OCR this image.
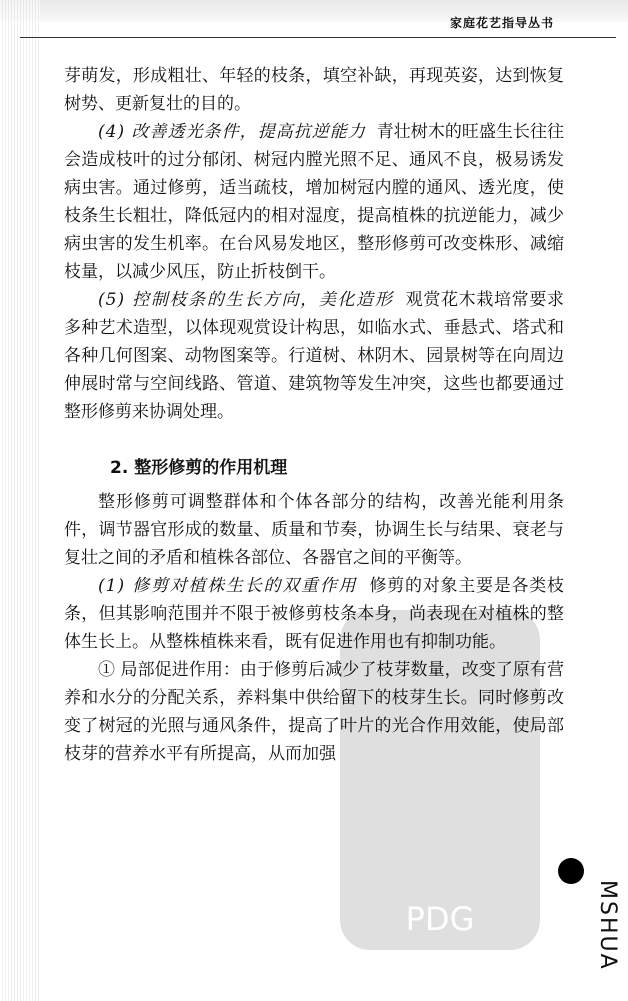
家庭花艺指导丛书

芽萌发，形成粗壮、年轻的枝条，填空补缺，再现英姿，达到恢复树势、更新复壮的目的。

(4) 改善透光条件，提高抗逆能力 青壮树木的旺盛生长往往会造成枝叶的过分郁闭、树冠内膛光照不足、通风不良，极易诱发病虫害。通过修剪，适当疏枝，增加树冠内膛的通风、透光度，使枝条生长粗壮，降低冠内的相对湿度，提高植株的抗逆能力，减少病虫害的发生机率。在台风易发地区，整形修剪可改变株形、减缩枝量，以减少风压，防止折枝倒干。

(5) 控制枝条的生长方向，美化造形 观赏花木栽培常要求多种艺术造型，以体现观赏设计构思，如临水式、垂悬式、塔式和各种几何图案、动物图案等。行道树、林阴木、园景树等在向周边伸展时常与空间线路、管道、建筑物等发生冲突，这些也都要通过整形修剪来协调处理。

2. 整形修剪的作用机理

整形修剪可调整群体和个体各部分的结构，改善光能利用条件，调节器官形成的数量、质量和节奏，协调生长与结果、衰老与复壮之间的矛盾和植株各部位、各器官之间的平衡等。

(1) 修剪对植株生长的双重作用 修剪的对象主要是各类枝条，但其影响范围并不限于被修剪枝条本身，尚表现在对植株的整体生长上。从整株植株来看，既有促进作用也有抑制功能。

① 局部促进作用：由于修剪后减少了枝芽数量，改变了原有营养和水分的分配关系，养料集中供给留下的枝芽生长。同时修剪改变了树冠的光照与通风条件，提高了叶片的光合作用效能，使局部枝芽的营养水平有所提高，从而加强

PDG	MSHUA
